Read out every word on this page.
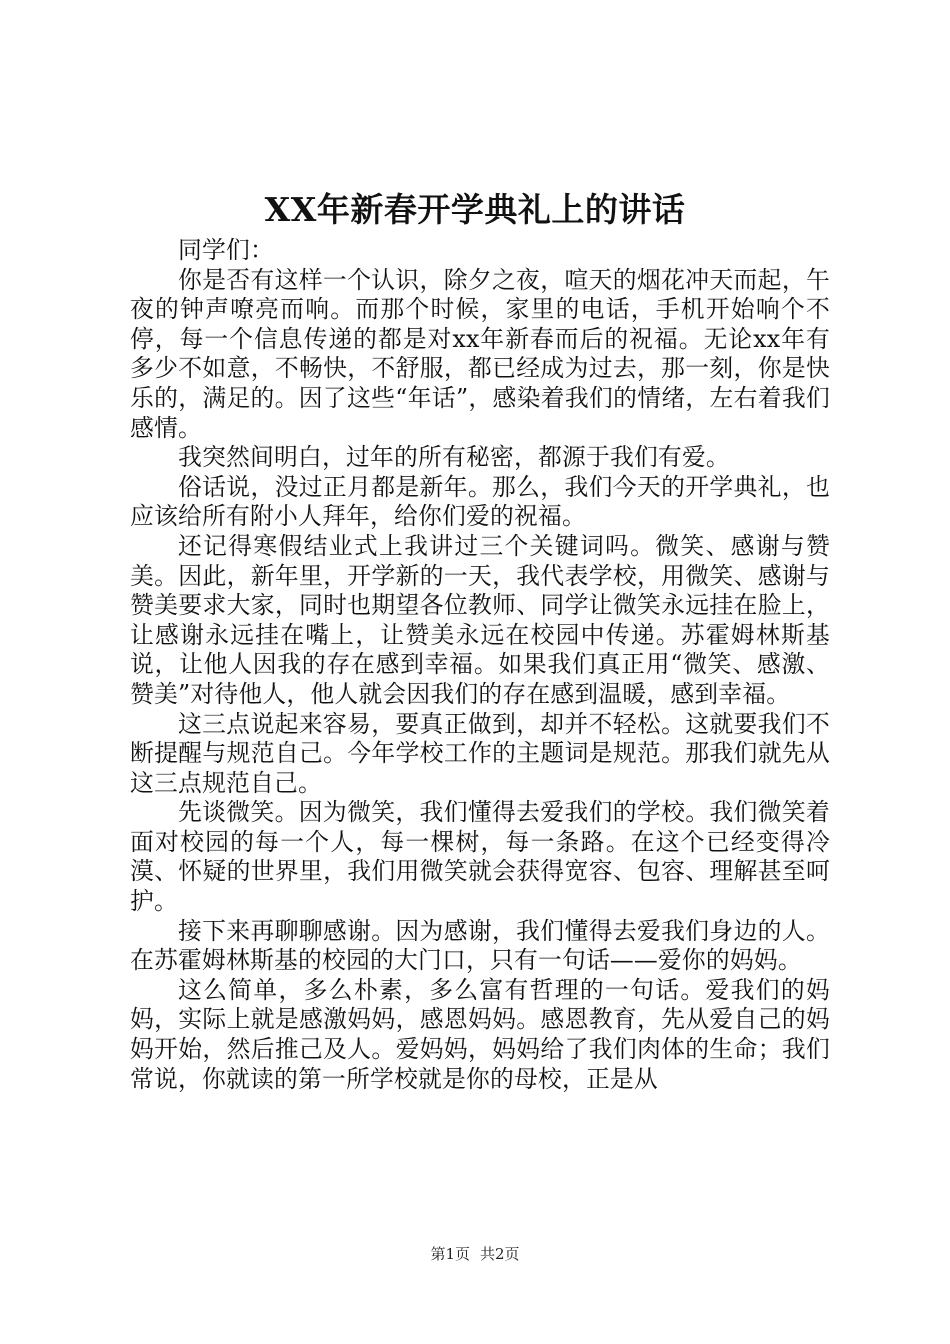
XX年新春开学典礼上的讲话

同学们：

你是否有这样一个认识，除夕之夜，喧天的烟花冲天而起，午夜的钟声嘹亮而响。而那个时候，家里的电话，手机开始响个不停，每一个信息传递的都是对xx年新春而后的祝福。无论xx年有多少不如意，不畅快，不舒服，都已经成为过去，那一刻，你是快乐的，满足的。因了这些“年话”，感染着我们的情绪，左右着我们感情。

我突然间明白，过年的所有秘密，都源于我们有爱。

俗话说，没过正月都是新年。那么，我们今天的开学典礼，也应该给所有附小人拜年，给你们爱的祝福。

还记得寒假结业式上我讲过三个关键词吗。微笑、感谢与赞美。因此，新年里，开学新的一天，我代表学校，用微笑、感谢与赞美要求大家，同时也期望各位教师、同学让微笑永远挂在脸上，让感谢永远挂在嘴上，让赞美永远在校园中传递。苏霍姆林斯基说，让他人因我的存在感到幸福。如果我们真正用“微笑、感激、赞美”对待他人，他人就会因我们的存在感到温暖，感到幸福。

这三点说起来容易，要真正做到，却并不轻松。这就要我们不断提醒与规范自己。今年学校工作的主题词是规范。那我们就先从这三点规范自己。

先谈微笑。因为微笑，我们懂得去爱我们的学校。我们微笑着面对校园的每一个人，每一棵树，每一条路。在这个已经变得冷漠、怀疑的世界里，我们用微笑就会获得宽容、包容、理解甚至呵护。

接下来再聊聊感谢。因为感谢，我们懂得去爱我们身边的人。在苏霍姆林斯基的校园的大门口，只有一句话——爱你的妈妈。

这么简单，多么朴素，多么富有哲理的一句话。爱我们的妈妈，实际上就是感激妈妈，感恩妈妈。感恩教育，先从爱自己的妈妈开始，然后推己及人。爱妈妈，妈妈给了我们肉体的生命；我们常说，你就读的第一所学校就是你的母校，正是从

第1页 共2页
